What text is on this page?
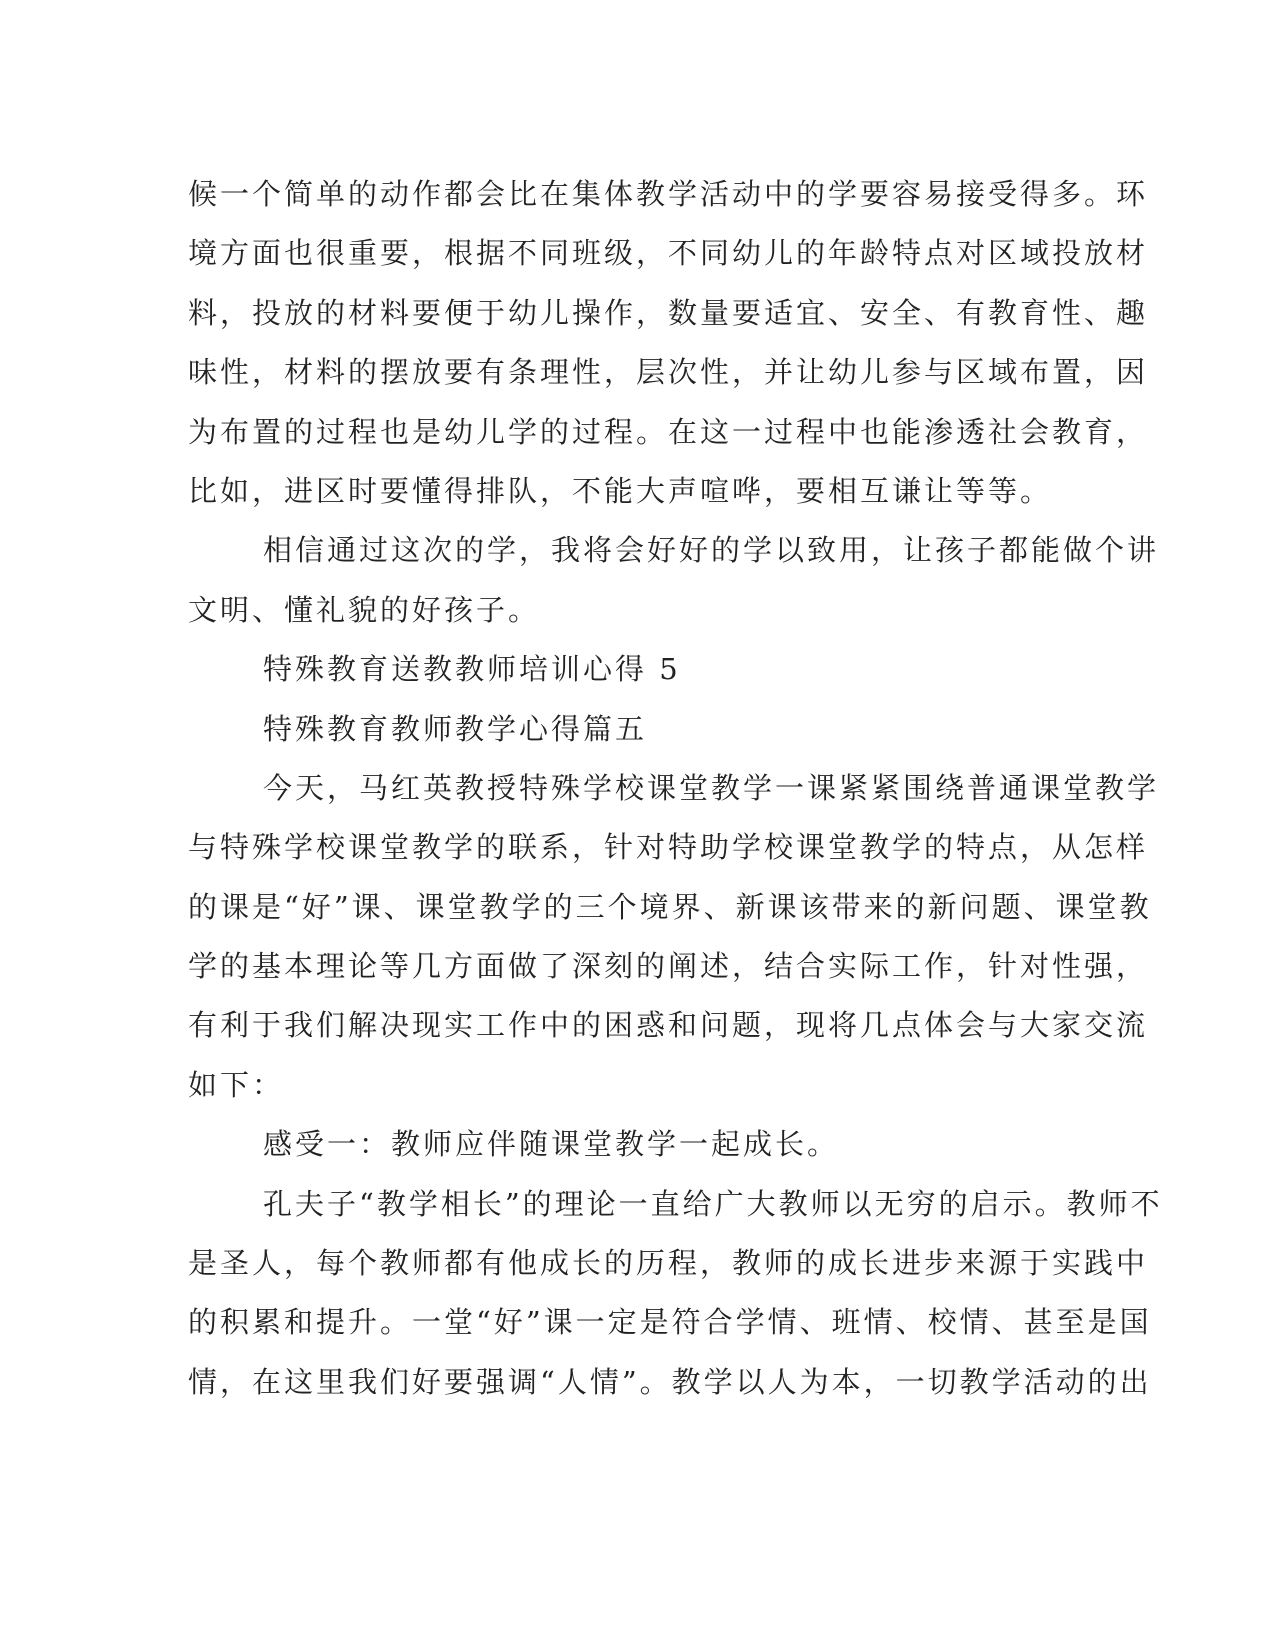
候一个简单的动作都会比在集体教学活动中的学要容易接受得多。环
境方面也很重要，根据不同班级，不同幼儿的年龄特点对区域投放材
料，投放的材料要便于幼儿操作，数量要适宜、安全、有教育性、趣
味性，材料的摆放要有条理性，层次性，并让幼儿参与区域布置，因
为布置的过程也是幼儿学的过程。在这一过程中也能渗透社会教育，
比如，进区时要懂得排队，不能大声喧哗，要相互谦让等等。
相信通过这次的学，我将会好好的学以致用，让孩子都能做个讲
文明、懂礼貌的好孩子。
特殊教育送教教师培训心得 5
特殊教育教师教学心得篇五
今天，马红英教授特殊学校课堂教学一课紧紧围绕普通课堂教学
与特殊学校课堂教学的联系，针对特助学校课堂教学的特点，从怎样
的课是“好”课、课堂教学的三个境界、新课该带来的新问题、课堂教
学的基本理论等几方面做了深刻的阐述，结合实际工作，针对性强，
有利于我们解决现实工作中的困惑和问题，现将几点体会与大家交流
如下：
感受一：教师应伴随课堂教学一起成长。
孔夫子“教学相长”的理论一直给广大教师以无穷的启示。教师不
是圣人，每个教师都有他成长的历程，教师的成长进步来源于实践中
的积累和提升。一堂“好”课一定是符合学情、班情、校情、甚至是国
情，在这里我们好要强调“人情”。教学以人为本，一切教学活动的出
